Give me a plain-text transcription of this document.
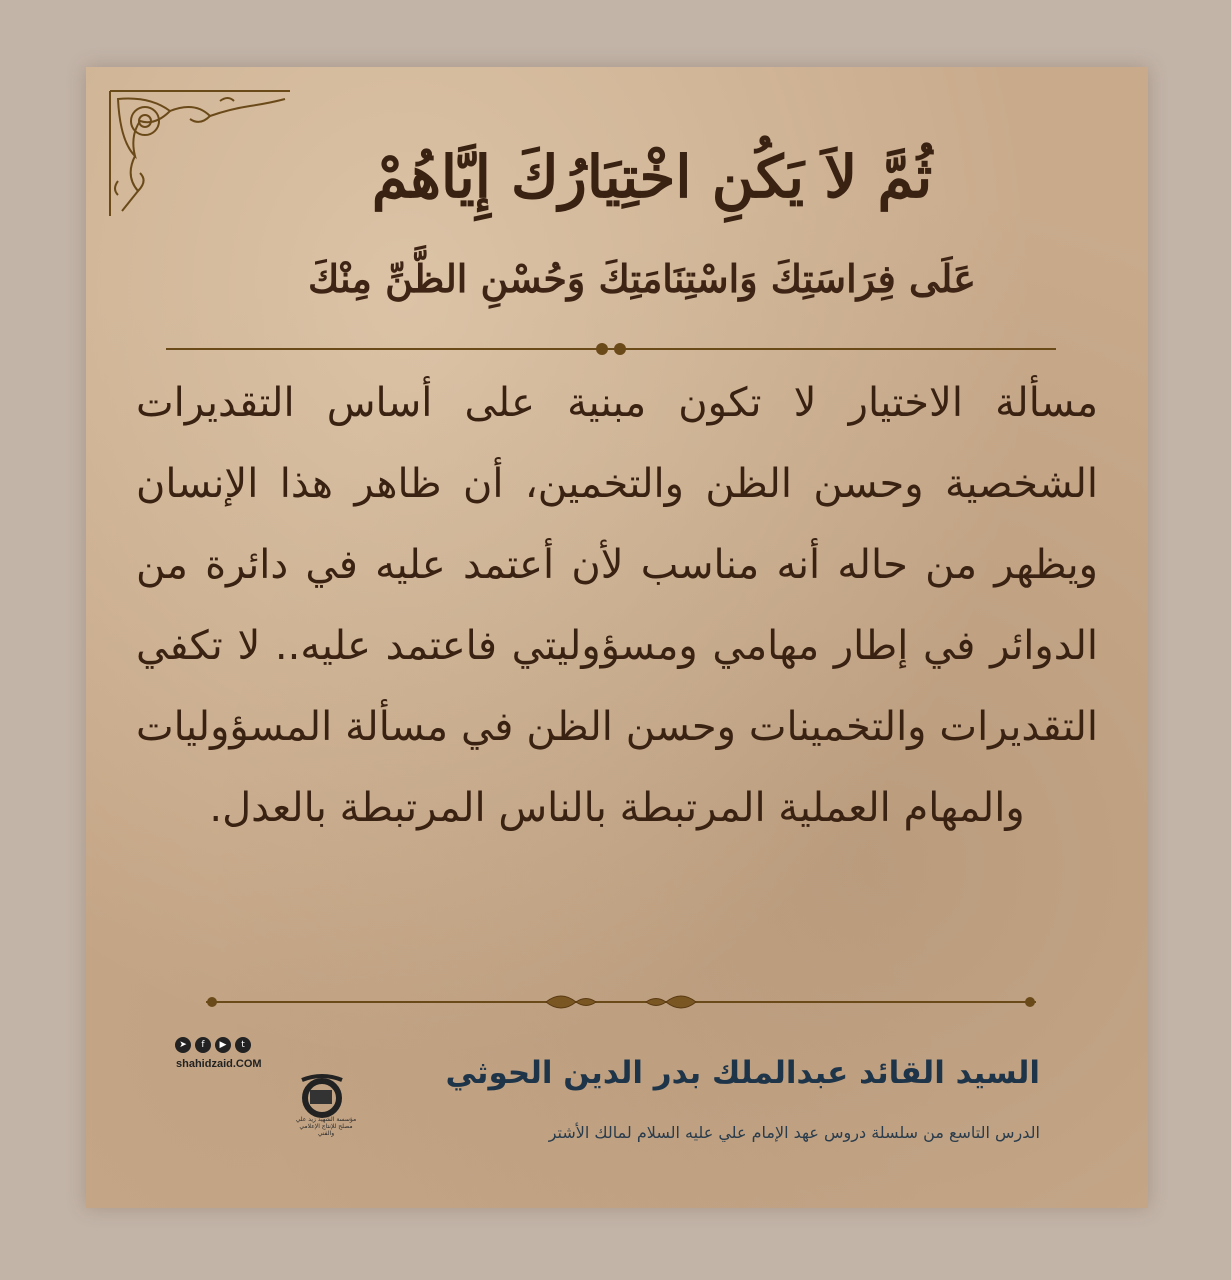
ثُمَّ لاَ يَكُنِ اخْتِيَارُكَ إِيَّاهُمْ
عَلَى فِرَاسَتِكَ وَاسْتِنَامَتِكَ وَحُسْنِ الظَّنِّ مِنْكَ

مسألة الاختيار لا تكون مبنية على أساس التقديرات الشخصية وحسن الظن والتخمين، أن ظاهر هذا الإنسان ويظهر من حاله أنه مناسب لأن أعتمد عليه في دائرة من الدوائر في إطار مهامي ومسؤوليتي فاعتمد عليه.. لا تكفي التقديرات والتخمينات وحسن الظن في مسألة المسؤوليات والمهام العملية المرتبطة بالناس المرتبطة بالعدل.

السيد القائد عبدالملك بدر الدين الحوثي

الدرس التاسع من سلسلة دروس عهد الإمام علي عليه السلام لمالك الأشتر

مؤسسة الشهيد زيد علي مصلح للإنتاج الإعلامي والفني
➤	f	▶	t
shahidzaid.COM
